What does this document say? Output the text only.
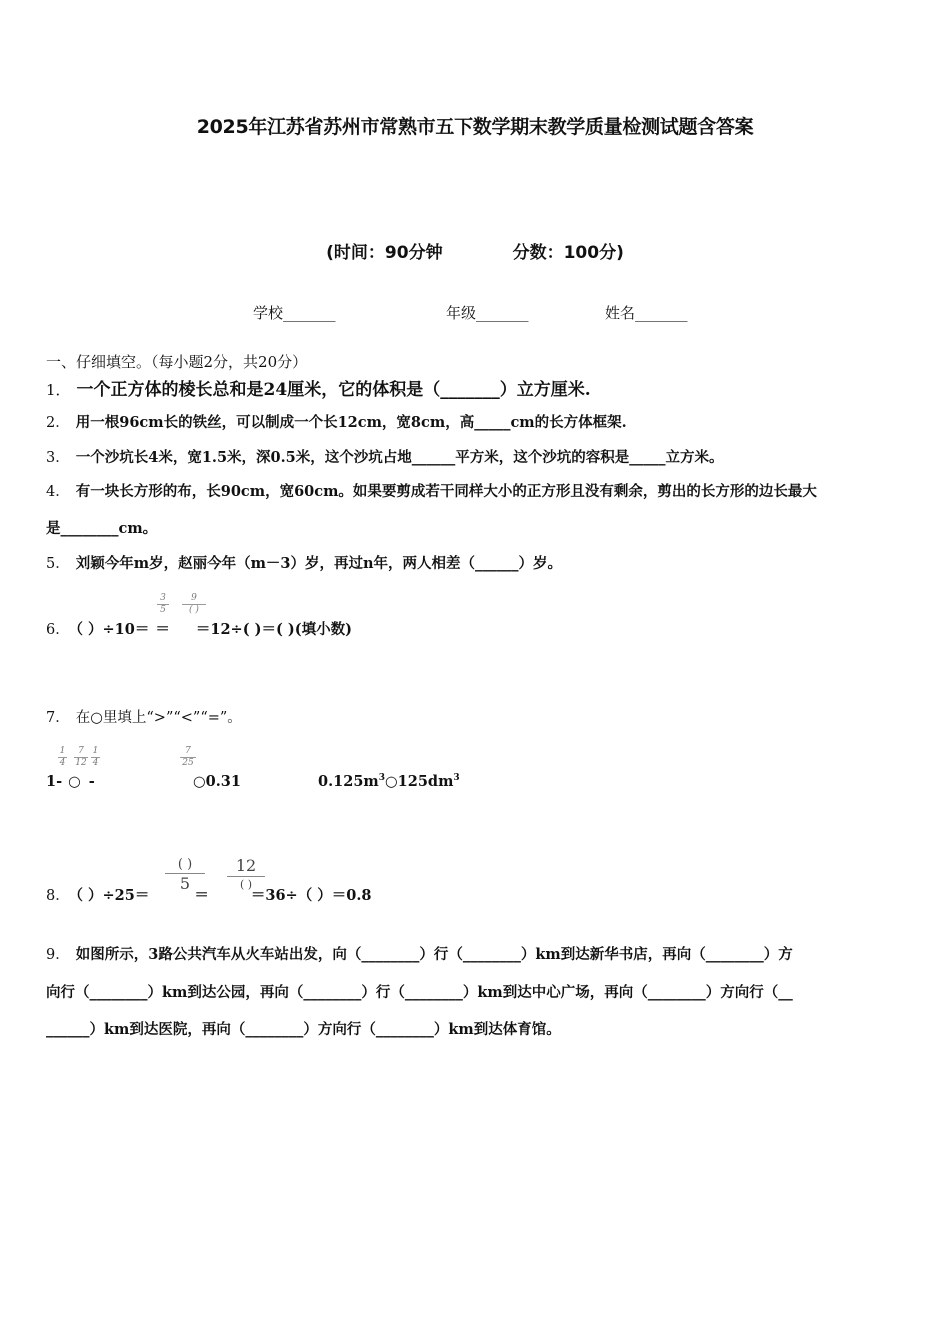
2025年江苏省苏州市常熟市五下数学期末教学质量检测试题含答案
(时间：90分钟	分数：100分)
学校_______	年级_______	姓名_______
一、仔细填空。（每小题2分，共20分）
1． 一个正方体的棱长总和是24厘米，它的体积是（_______）立方厘米.
2． 用一根96cm长的铁丝，可以制成一个长12cm，宽8cm，高_____cm的长方体框架.
3． 一个沙坑长4米，宽1.5米，深0.5米，这个沙坑占地______平方米，这个沙坑的容积是_____立方米。
4． 有一块长方形的布，长90cm，宽60cm。如果要剪成若干同样大小的正方形且没有剩余，剪出的长方形的边长最大
是________cm。
5． 刘颖今年m岁，赵丽今年（m－3）岁，再过n年，两人相差（______）岁。
6． （ ）÷10＝ ＝ ＝12÷( )＝( )(填小数)
3
5
9
( )
7． 在○里填上“>”“<”“=”。
1
4
7
12
1
4
1- ○ -
7
25
○0.31	$0.125m^3○125dm^3$
8． （ ）÷25＝	＝	＝36÷（ ）＝0.8
( )
5
12
( )
9． 如图所示，3路公共汽车从火车站出发，向（________）行（________）km到达新华书店，再向（________）方
向行（________）km到达公园，再向（________）行（________）km到达中心广场，再向（________）方向行（__
______）km到达医院，再向（________）方向行（________）km到达体育馆。
